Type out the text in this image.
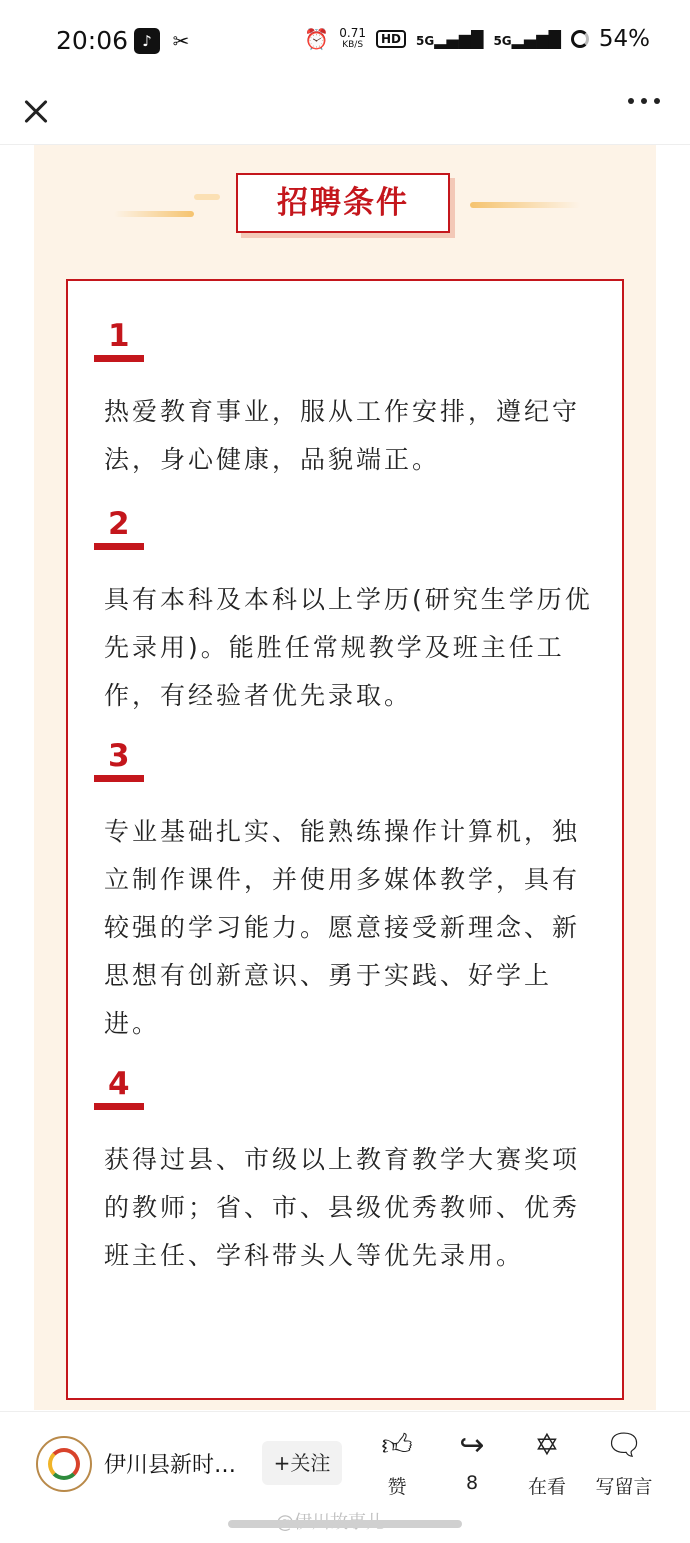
20:06 ♪	✂	⏰ 0.71
KB/S	HD	5G▂▄▆█ 5G▂▄▆█ 54%
招聘条件
1
热爱教育事业，服从工作安排，遵纪守法，身心健康，品貌端正。
2
具有本科及本科以上学历(研究生学历优先录用)。能胜任常规教学及班主任工作，有经验者优先录取。
3
专业基础扎实、能熟练操作计算机，独立制作课件，并使用多媒体教学，具有较强的学习能力。愿意接受新理念、新思想有创新意识、勇于实践、好学上进。
4
获得过县、市级以上教育教学大赛奖项的教师；省、市、县级优秀教师、优秀班主任、学科带头人等优先录用。
伊川县新时…	+关注	👍︎
赞
↪
8
✡
在看
🗨
写留言
